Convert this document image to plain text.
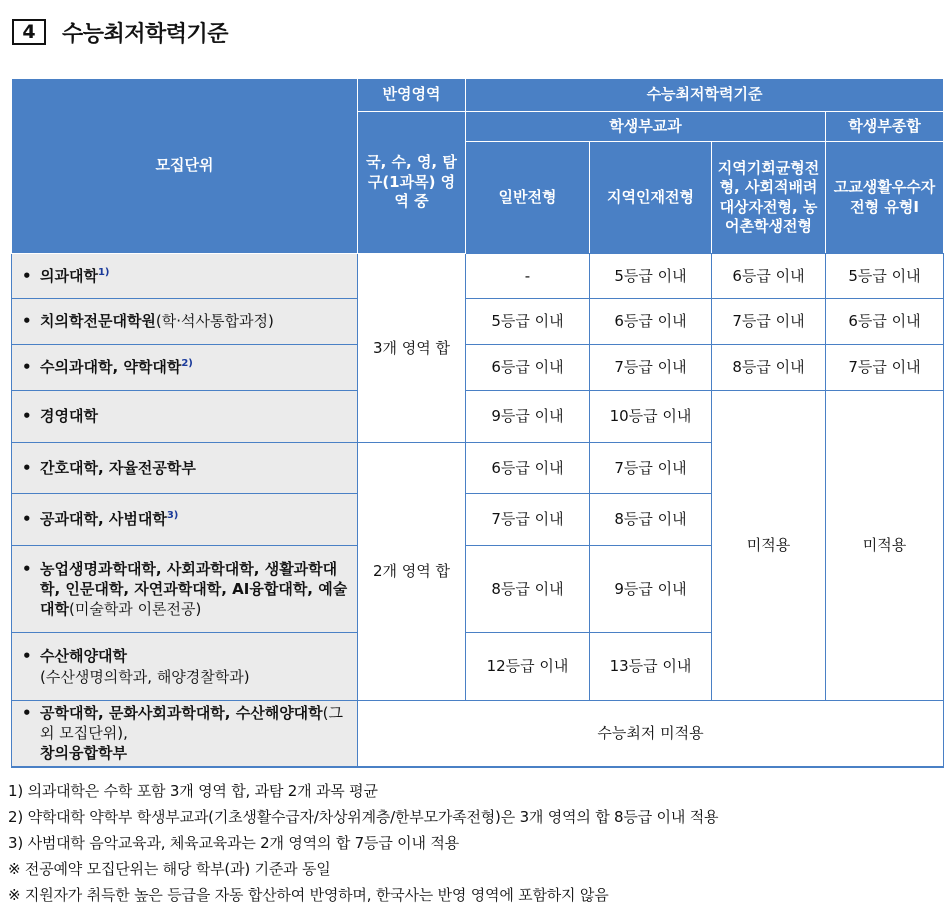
4	수능최저학력기준
모집단위	반영영역	수능최저학력기준			
	국, 수, 영, 탐구(1과목) 영역 중	학생부교과			학생부종합
		일반전형	지역인재전형	지역기회균형전형, 사회적배려대상자전형, 농어촌학생전형	고교생활우수자전형 유형Ⅰ

• 의과대학$^{1)}$	3개 영역 합	-	5등급 이내	6등급 이내	5등급 이내

• 치의학전문대학원(학·석사통합과정)		5등급 이내	6등급 이내	7등급 이내	6등급 이내

• 수의과대학, 약학대학$^{2)}$		6등급 이내	7등급 이내	8등급 이내	7등급 이내

• 경영대학		9등급 이내	10등급 이내	미적용	미적용

• 간호대학, 자율전공학부	2개 영역 합	6등급 이내	7등급 이내		

• 공과대학, 사범대학$^{3)}$		7등급 이내	8등급 이내		

• 농업생명과학대학, 사회과학대학, 생활과학대학, 인문대학, 자연과학대학, AI융합대학, 예술대학(미술학과 이론전공)		8등급 이내	9등급 이내		

• 수산해양대학
(수산생명의학과, 해양경찰학과)		12등급 이내	13등급 이내		

• 공학대학, 문화사회과학대학, 수산해양대학(그 외 모집단위),
창의융합학부	수능최저 미적용				
1) 의과대학은 수학 포함 3개 영역 합, 과탐 2개 과목 평균
2) 약학대학 약학부 학생부교과(기초생활수급자/차상위계층/한부모가족전형)은 3개 영역의 합 8등급 이내 적용
3) 사범대학 음악교육과, 체육교육과는 2개 영역의 합 7등급 이내 적용
※ 전공예약 모집단위는 해당 학부(과) 기준과 동일
※ 지원자가 취득한 높은 등급을 자동 합산하여 반영하며, 한국사는 반영 영역에 포함하지 않음
